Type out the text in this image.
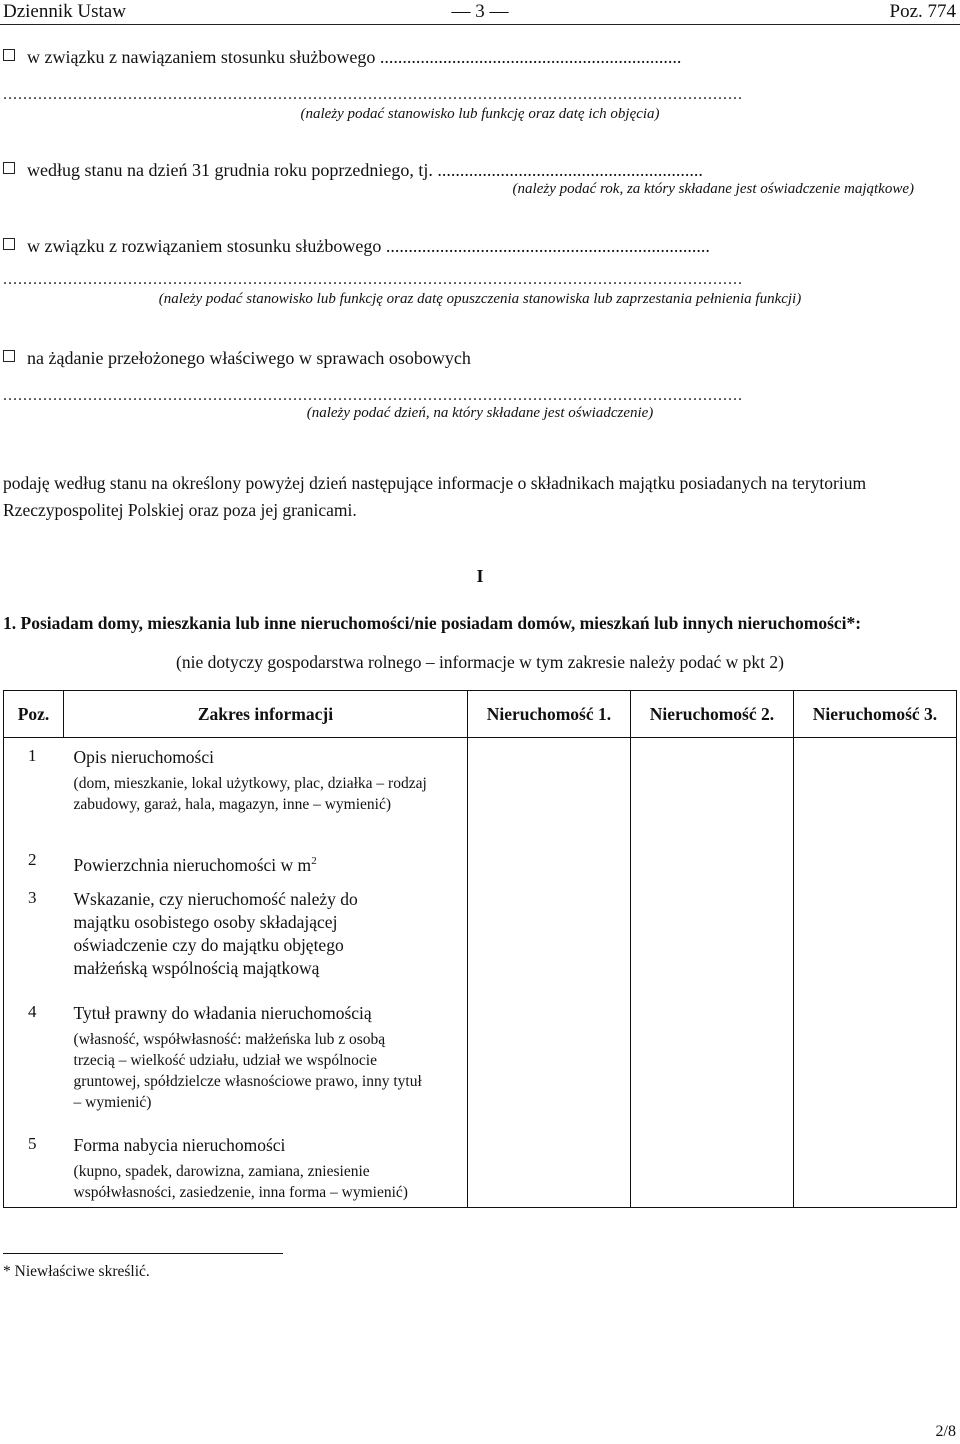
Dziennik Ustaw	— 3 —	Poz. 774
w związku z nawiązaniem stosunku służbowego ...................................................................
....................................................................................................................................................
(należy podać stanowisko lub funkcję oraz datę ich objęcia)
według stanu na dzień 31 grudnia roku poprzedniego, tj. ...........................................................
(należy podać rok, za który składane jest oświadczenie majątkowe)
w związku z rozwiązaniem stosunku służbowego ........................................................................
....................................................................................................................................................
(należy podać stanowisko lub funkcję oraz datę opuszczenia stanowiska lub zaprzestania pełnienia funkcji)
na żądanie przełożonego właściwego w sprawach osobowych
....................................................................................................................................................
(należy podać dzień, na który składane jest oświadczenie)
podaję według stanu na określony powyżej dzień następujące informacje o składnikach majątku posiadanych na terytorium Rzeczypospolitej Polskiej oraz poza jej granicami.
I
1. Posiadam domy, mieszkania lub inne nieruchomości/nie posiadam domów, mieszkań lub innych nieruchomości*:
(nie dotyczy gospodarstwa rolnego – informacje w tym zakresie należy podać w pkt 2)
Poz.	Zakres informacji	Nieruchomość 1.	Nieruchomość 2.	Nieruchomość 3.
1	Opis nieruchomości
(dom, mieszkanie, lokal użytkowy, plac, działka – rodzaj zabudowy, garaż, hala, magazyn, inne – wymienić)			

2	Powierzchnia nieruchomości w $m^2$

3	Wskazanie, czy nieruchomość należy do majątku osobistego osoby składającej oświadczenie czy do majątku objętego małżeńską wspólnością majątkową			

4	Tytuł prawny do władania nieruchomością
(własność, współwłasność: małżeńska lub z osobą trzecią – wielkość udziału, udział we wspólnocie gruntowej, spółdzielcze własnościowe prawo, inny tytuł – wymienić)			

5	Forma nabycia nieruchomości
(kupno, spadek, darowizna, zamiana, zniesienie współwłasności, zasiedzenie, inna forma – wymienić)			
* Niewłaściwe skreślić.
2/8
